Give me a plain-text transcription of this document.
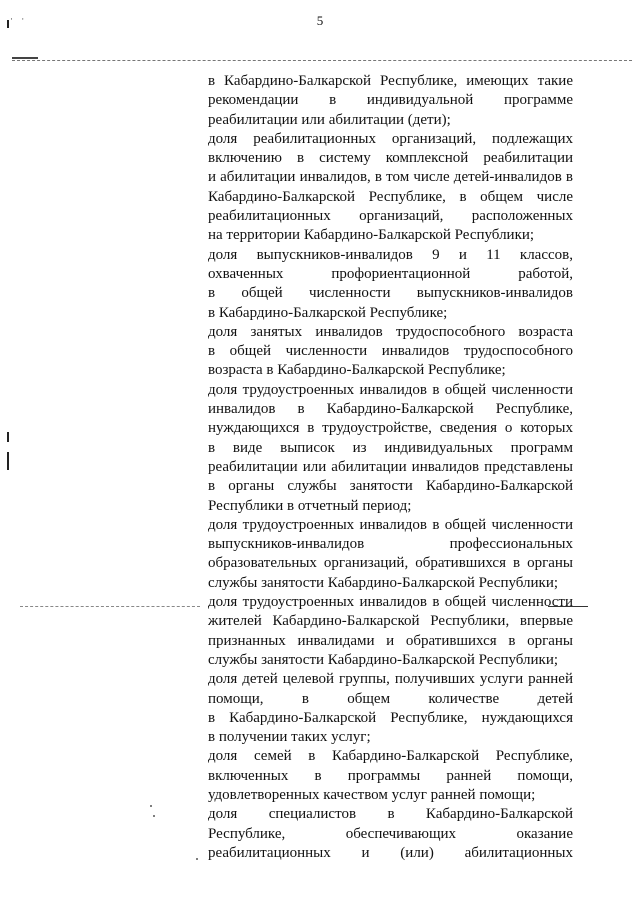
5
· ·

в Кабардино-Балкарской Республике, имеющих такие

рекомендации в индивидуальной программе

реабилитации или абилитации (дети);

доля реабилитационных организаций, подлежащих

включению в систему комплексной реабилитации

и абилитации инвалидов, в том числе детей-инвалидов в

Кабардино-Балкарской Республике, в общем числе

реабилитационных организаций, расположенных

на территории Кабардино-Балкарской Республики;

доля выпускников-инвалидов 9 и 11 классов,

охваченных профориентационной работой,

в общей численности выпускников-инвалидов

в Кабардино-Балкарской Республике;

доля занятых инвалидов трудоспособного возраста

в общей численности инвалидов трудоспособного

возраста в Кабардино-Балкарской Республике;

доля трудоустроенных инвалидов в общей численности

инвалидов в Кабардино-Балкарской Республике,

нуждающихся в трудоустройстве, сведения о которых

в виде выписок из индивидуальных программ

реабилитации или абилитации инвалидов представлены

в органы службы занятости Кабардино-Балкарской

Республики в отчетный период;

доля трудоустроенных инвалидов в общей численности

выпускников-инвалидов профессиональных

образовательных организаций, обратившихся в органы

службы занятости Кабардино-Балкарской Республики;

доля трудоустроенных инвалидов в общей численности

жителей Кабардино-Балкарской Республики, впервые

признанных инвалидами и обратившихся в органы

службы занятости Кабардино-Балкарской Республики;

доля детей целевой группы, получивших услуги ранней

помощи, в общем количестве детей

в Кабардино-Балкарской Республике, нуждающихся

в получении таких услуг;

доля семей в Кабардино-Балкарской Республике,

включенных в программы ранней помощи,

удовлетворенных качеством услуг ранней помощи;

доля специалистов в Кабардино-Балкарской

Республике, обеспечивающих оказание

реабилитационных и (или) абилитационных
